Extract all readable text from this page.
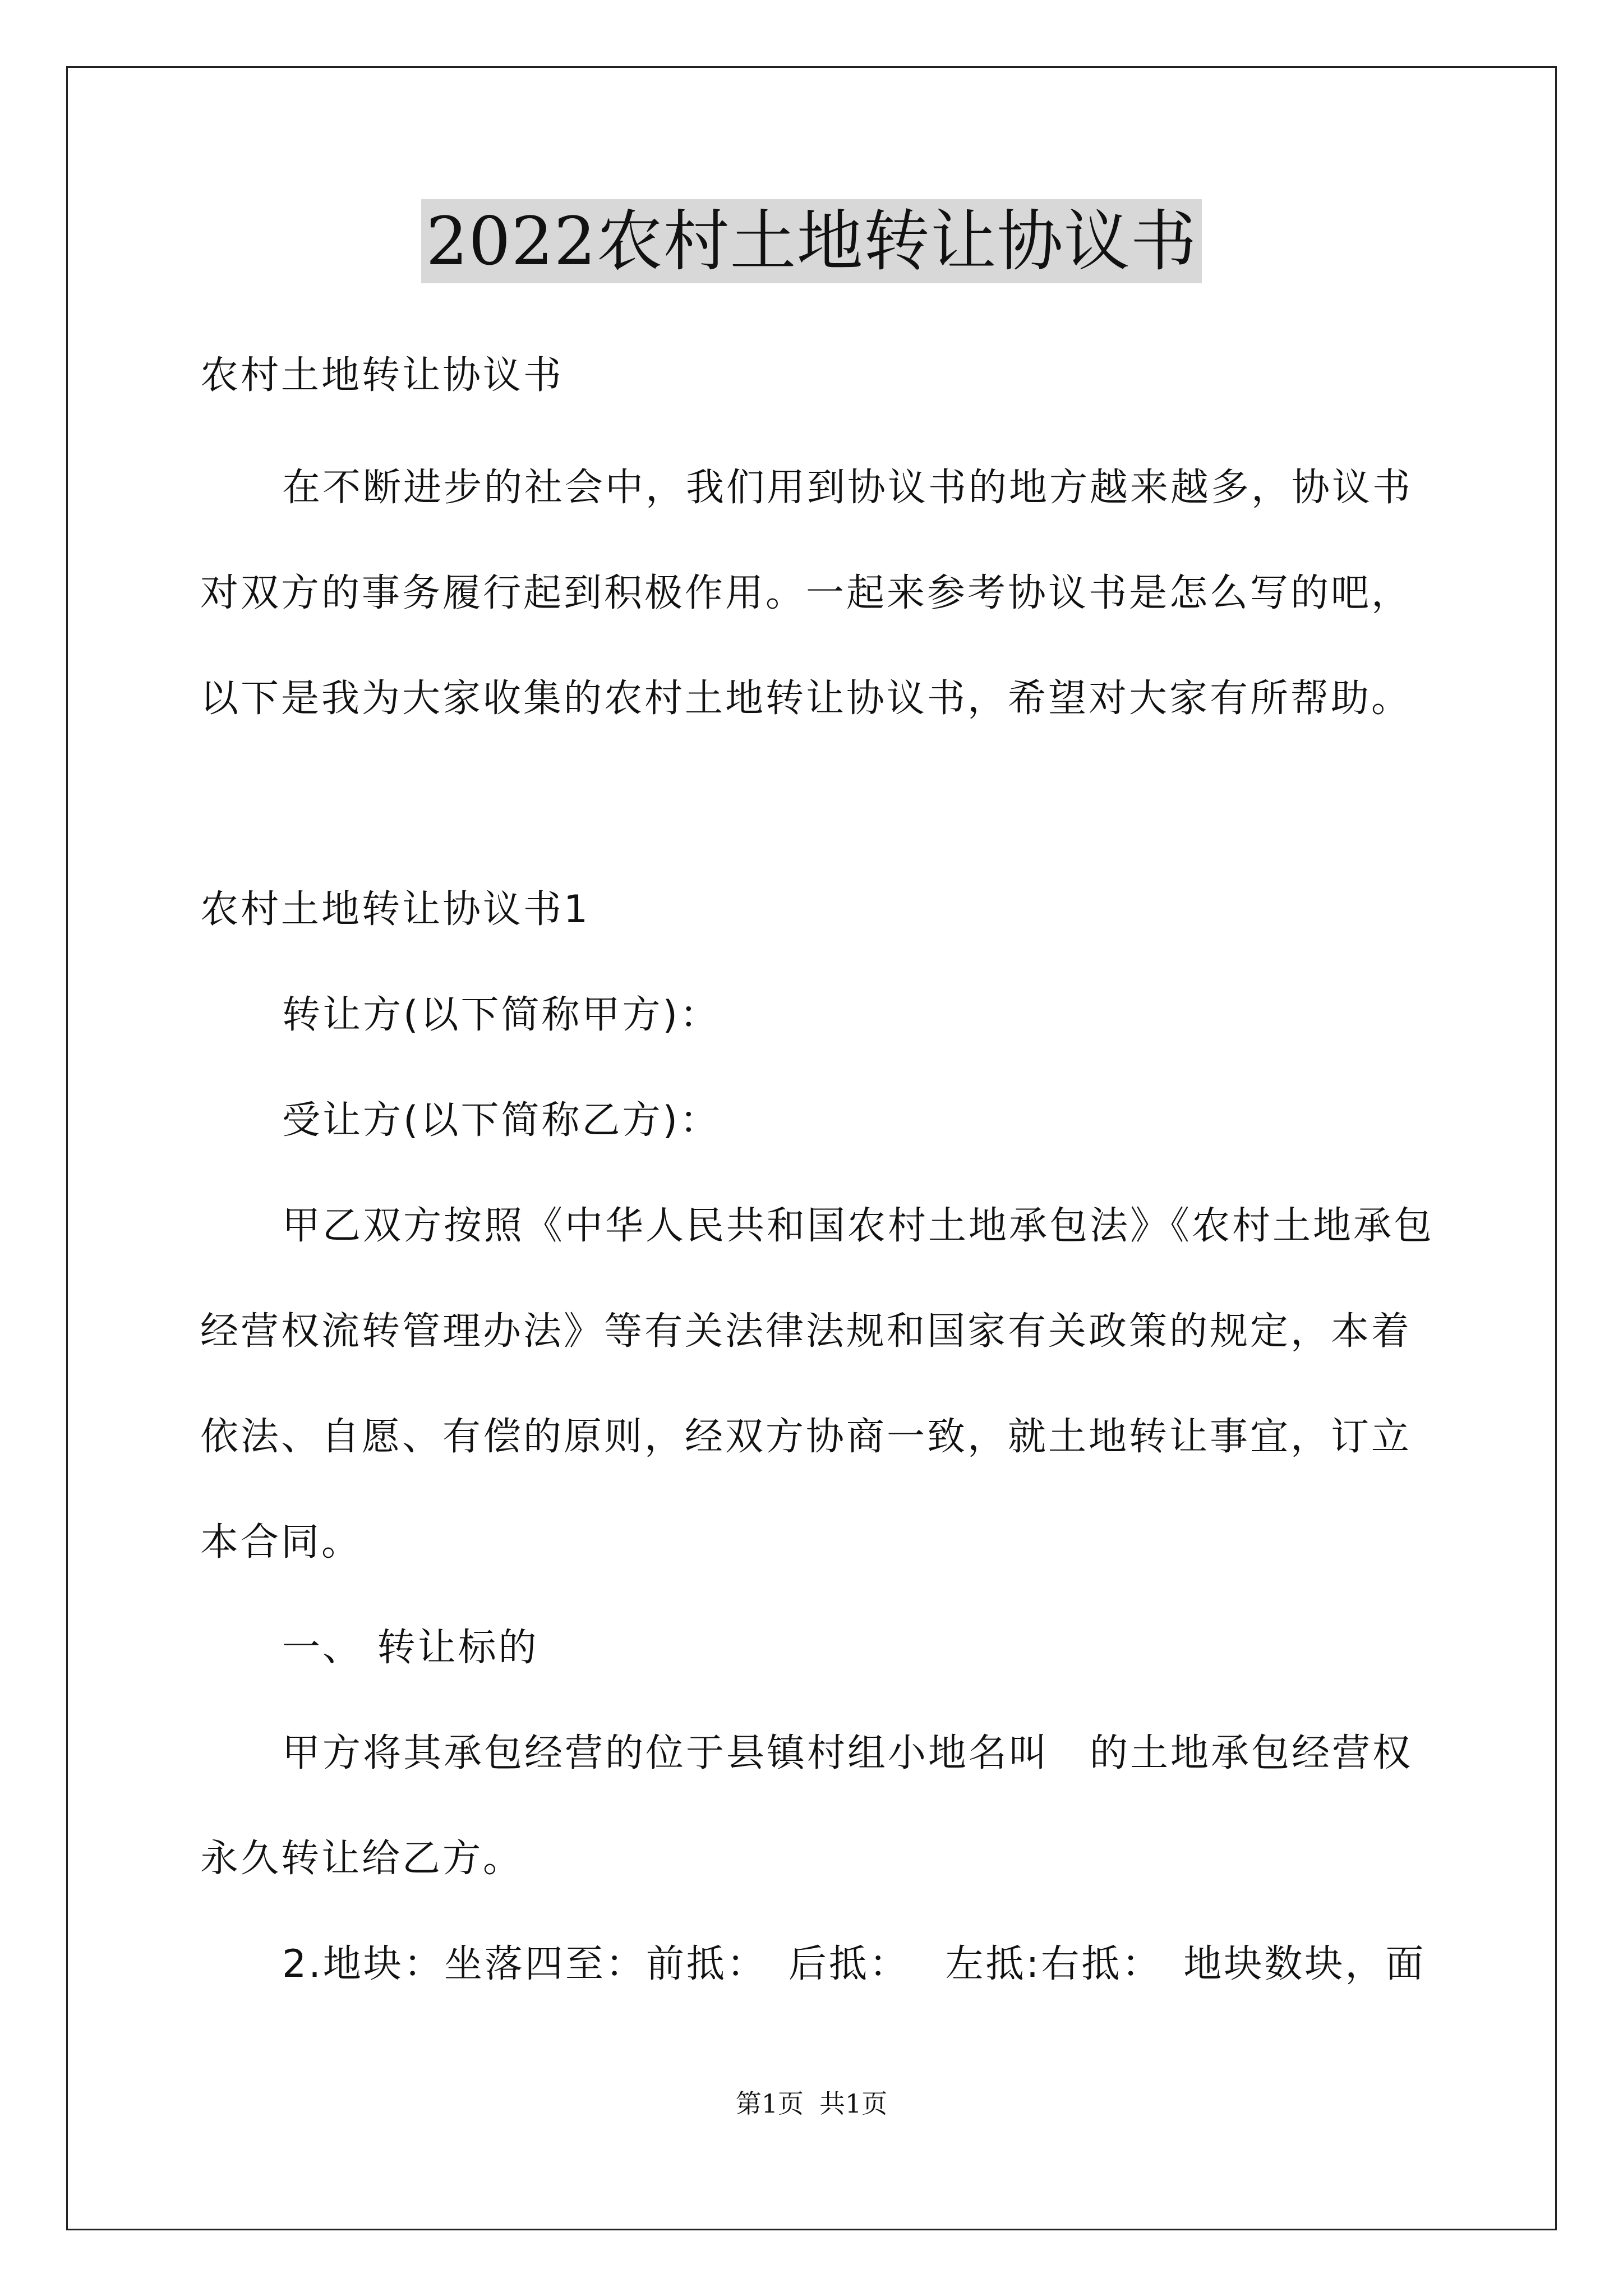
2022农村土地转让协议书
农村土地转让协议书
在不断进步的社会中，我们用到协议书的地方越来越多，协议书
对双方的事务履行起到积极作用。一起来参考协议书是怎么写的吧，
以下是我为大家收集的农村土地转让协议书，希望对大家有所帮助。
农村土地转让协议书1
转让方(以下简称甲方)：
受让方(以下简称乙方)：
甲乙双方按照《中华人民共和国农村土地承包法》《农村土地承包
经营权流转管理办法》等有关法律法规和国家有关政策的规定，本着
依法、自愿、有偿的原则，经双方协商一致，就土地转让事宜，订立
本合同。
一、 转让标的
甲方将其承包经营的位于县镇村组小地名叫　的土地承包经营权
永久转让给乙方。
2.地块：坐落四至：前抵：　后抵：　 左抵:右抵：　地块数块，面
第1页 共1页
